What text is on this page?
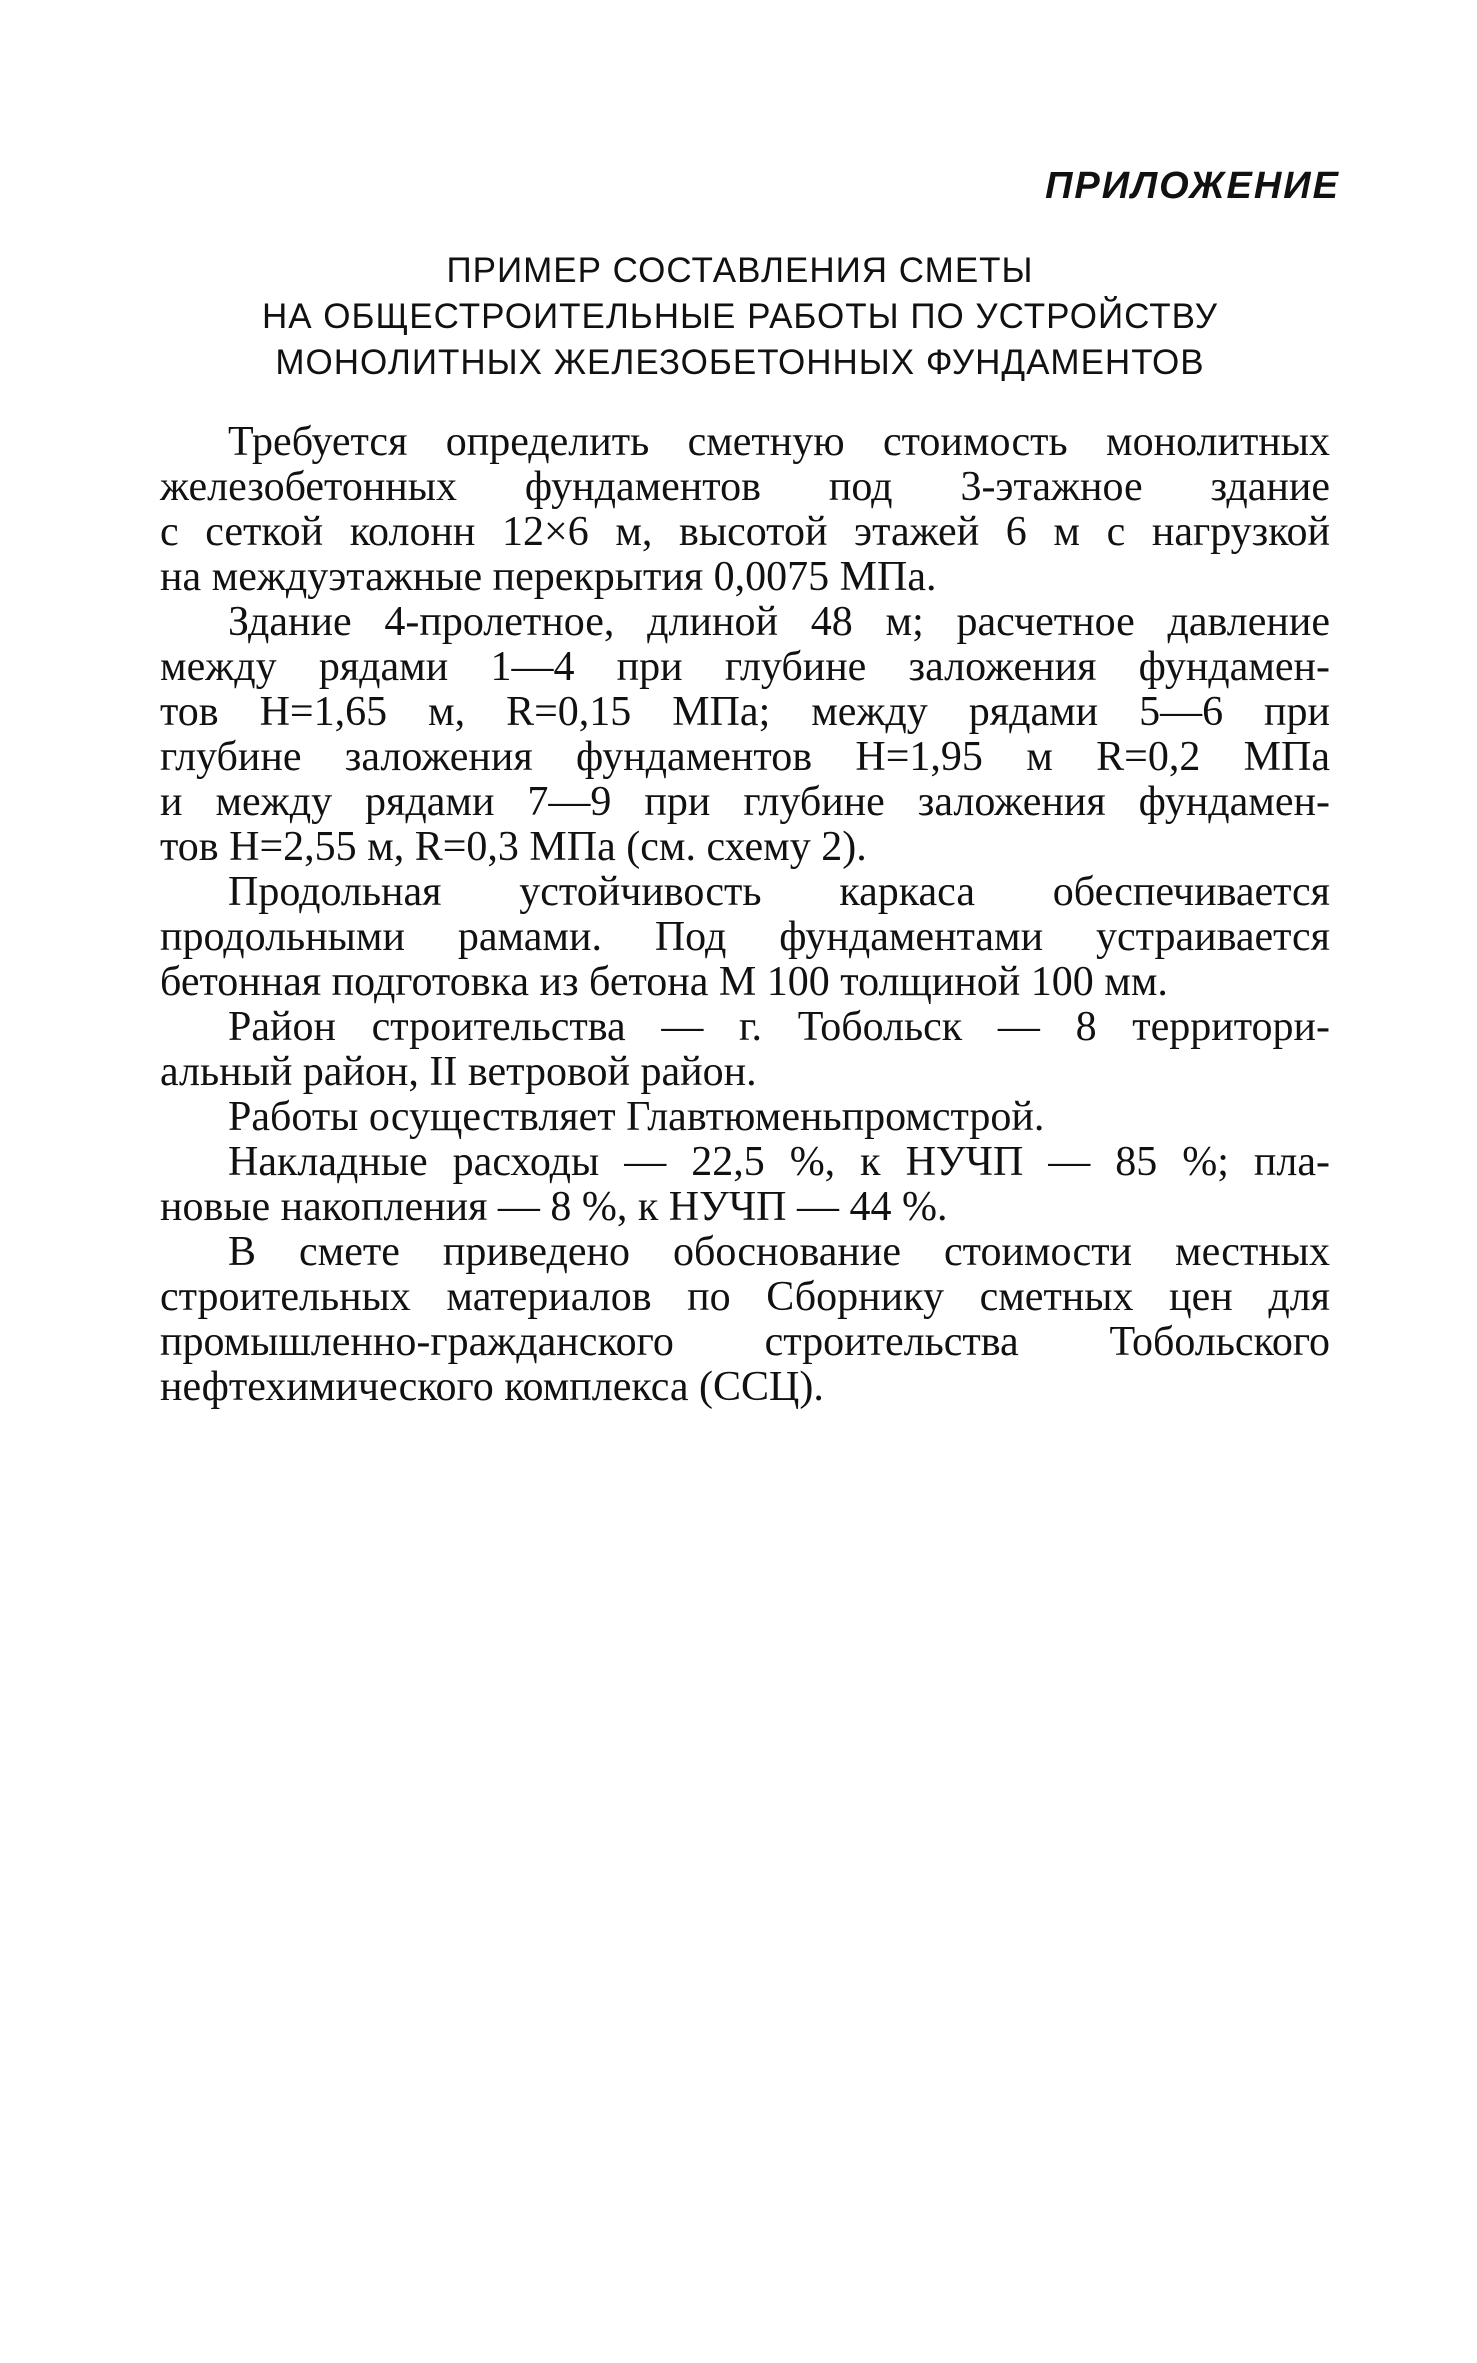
ПРИЛОЖЕНИЕ
ПРИМЕР СОСТАВЛЕНИЯ СМЕТЫ
НА ОБЩЕСТРОИТЕЛЬНЫЕ РАБОТЫ ПО УСТРОЙСТВУ
МОНОЛИТНЫХ ЖЕЛЕЗОБЕТОННЫХ ФУНДАМЕНТОВ
Требуется определить сметную стоимость монолитных
железобетонных фундаментов под 3-этажное здание
с сеткой колонн 12×6 м, высотой этажей 6 м с нагрузкой
на междуэтажные перекрытия 0,0075 МПа.
Здание 4-пролетное, длиной 48 м; расчетное давление
между рядами 1—4 при глубине заложения фундамен-
тов H=1,65 м, R=0,15 МПа; между рядами 5—6 при
глубине заложения фундаментов H=1,95 м R=0,2 МПа
и между рядами 7—9 при глубине заложения фундамен-
тов H=2,55 м, R=0,3 МПа (см. схему 2).
Продольная устойчивость каркаса обеспечивается
продольными рамами. Под фундаментами устраивается
бетонная подготовка из бетона М 100 толщиной 100 мм.
Район строительства — г. Тобольск — 8 территори-
альный район, II ветровой район.
Работы осуществляет Главтюменьпромстрой.
Накладные расходы — 22,5 %, к НУЧП — 85 %; пла-
новые накопления — 8 %, к НУЧП — 44 %.
В смете приведено обоснование стоимости местных
строительных материалов по Сборнику сметных цен для
промышленно-гражданского строительства Тобольского
нефтехимического комплекса (ССЦ).
